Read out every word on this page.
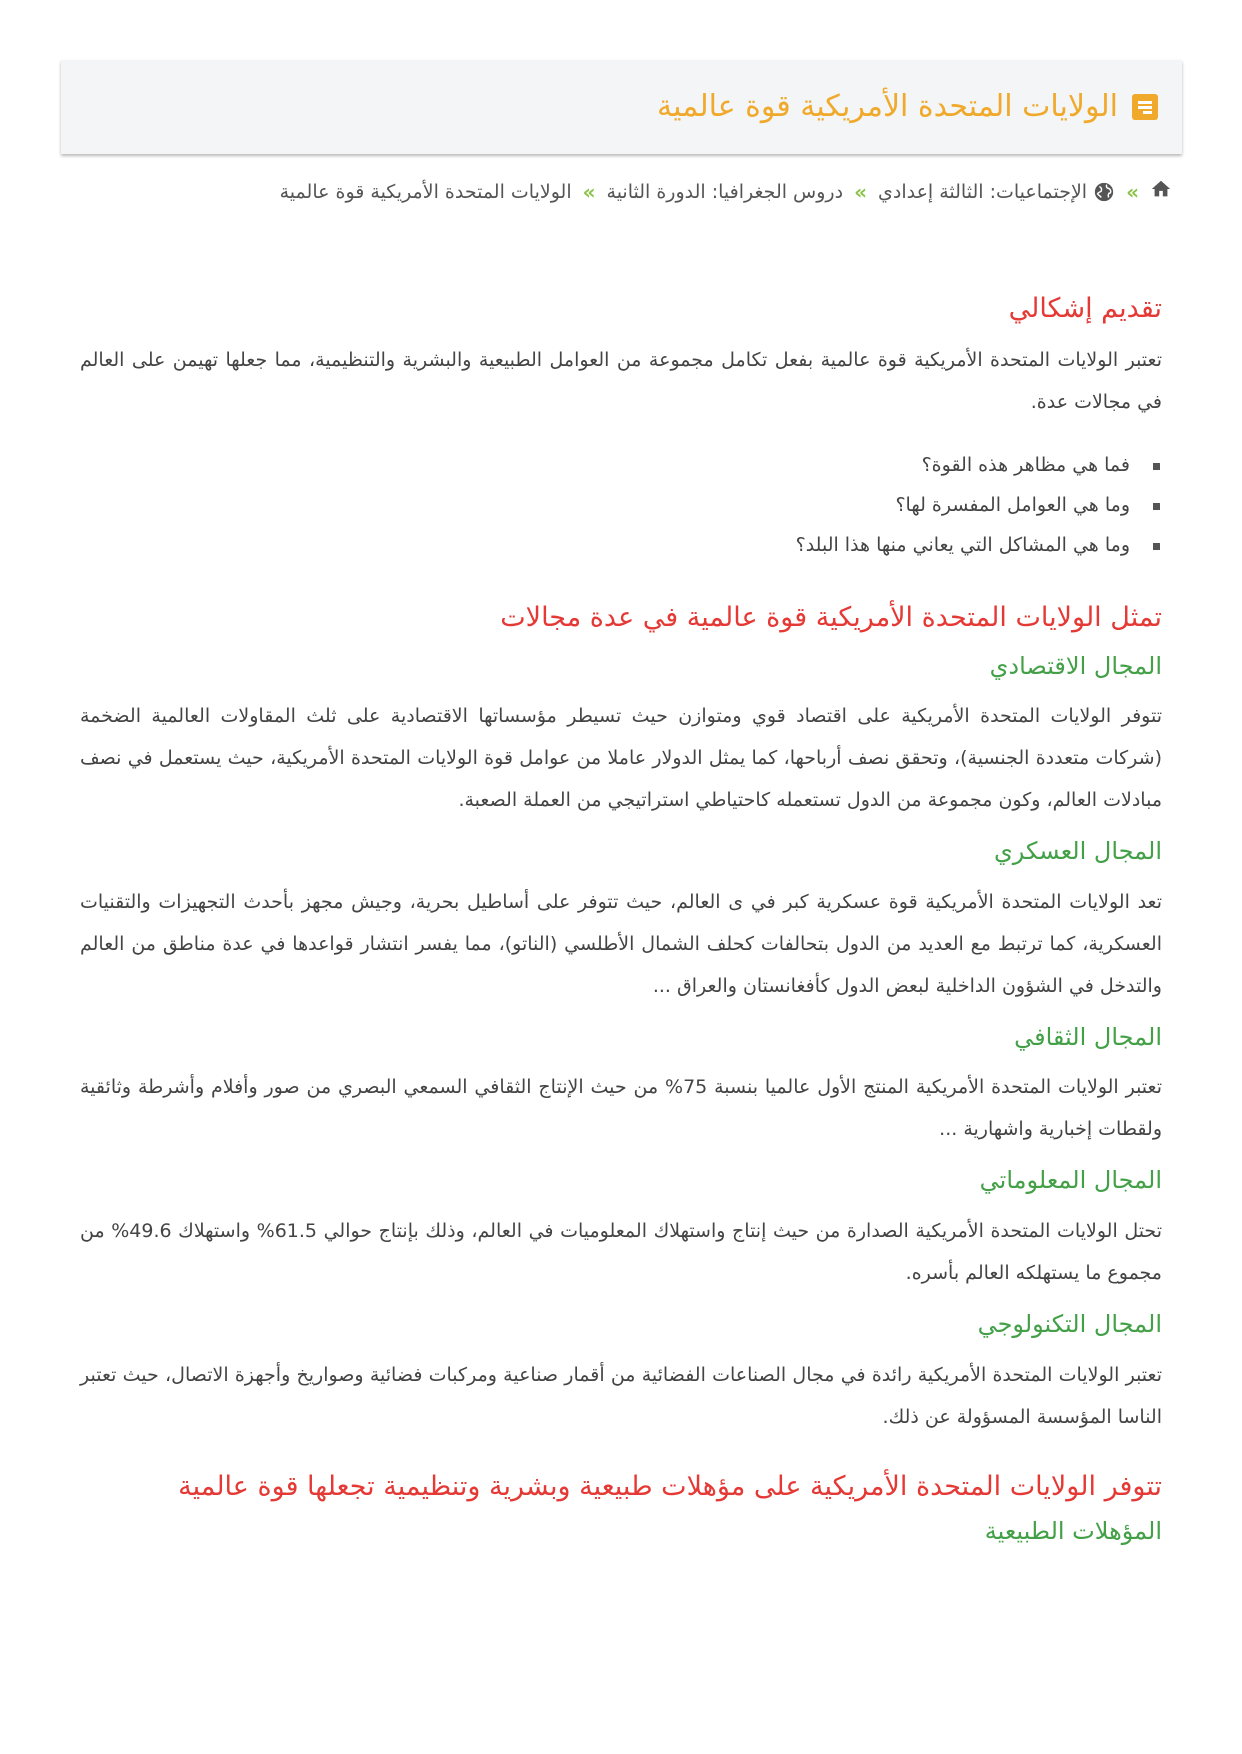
الولايات المتحدة الأمريكية قوة عالمية
»
الإجتماعيات: الثالثة إعدادي
»
دروس الجغرافيا: الدورة الثانية
»
الولايات المتحدة الأمريكية قوة عالمية
تقديم إشكالي

تعتبر الولايات المتحدة الأمريكية قوة عالمية بفعل تكامل مجموعة من العوامل الطبيعية والبشرية والتنظيمية، مما جعلها تهيمن على العالم في مجالات عدة.

فما هي مظاهر هذه القوة؟
وما هي العوامل المفسرة لها؟
وما هي المشاكل التي يعاني منها هذا البلد؟
تمثل الولايات المتحدة الأمريكية قوة عالمية في عدة مجالات
المجال الاقتصادي

تتوفر الولايات المتحدة الأمريكية على اقتصاد قوي ومتوازن حيث تسيطر مؤسساتها الاقتصادية على ثلث المقاولات العالمية الضخمة (شركات متعددة الجنسية)، وتحقق نصف أرباحها، كما يمثل الدولار عاملا من عوامل قوة الولايات المتحدة الأمريكية، حيث يستعمل في نصف مبادلات العالم، وكون مجموعة من الدول تستعمله كاحتياطي استراتيجي من العملة الصعبة.

المجال العسكري

تعد الولايات المتحدة الأمريكية قوة عسكرية كبر في ى العالم، حيث تتوفر على أساطيل بحرية، وجيش مجهز بأحدث التجهيزات والتقنيات العسكرية، كما ترتبط مع العديد من الدول بتحالفات كحلف الشمال الأطلسي (الناتو)، مما يفسر انتشار قواعدها في عدة مناطق من العالم والتدخل في الشؤون الداخلية لبعض الدول كأفغانستان والعراق ...

المجال الثقافي

تعتبر الولايات المتحدة الأمريكية المنتج الأول عالميا بنسبة 75% من حيث الإنتاج الثقافي السمعي البصري من صور وأفلام وأشرطة وثائقية ولقطات إخبارية واشهارية ...

المجال المعلوماتي

تحتل الولايات المتحدة الأمريكية الصدارة من حيث إنتاج واستهلاك المعلوميات في العالم، وذلك بإنتاج حوالي 61.5% واستهلاك 49.6% من مجموع ما يستهلكه العالم بأسره.

المجال التكنولوجي

تعتبر الولايات المتحدة الأمريكية رائدة في مجال الصناعات الفضائية من أقمار صناعية ومركبات فضائية وصواريخ وأجهزة الاتصال، حيث تعتبر الناسا المؤسسة المسؤولة عن ذلك.

تتوفر الولايات المتحدة الأمريكية على مؤهلات طبيعية وبشرية وتنظيمية تجعلها قوة عالمية
المؤهلات الطبيعية
